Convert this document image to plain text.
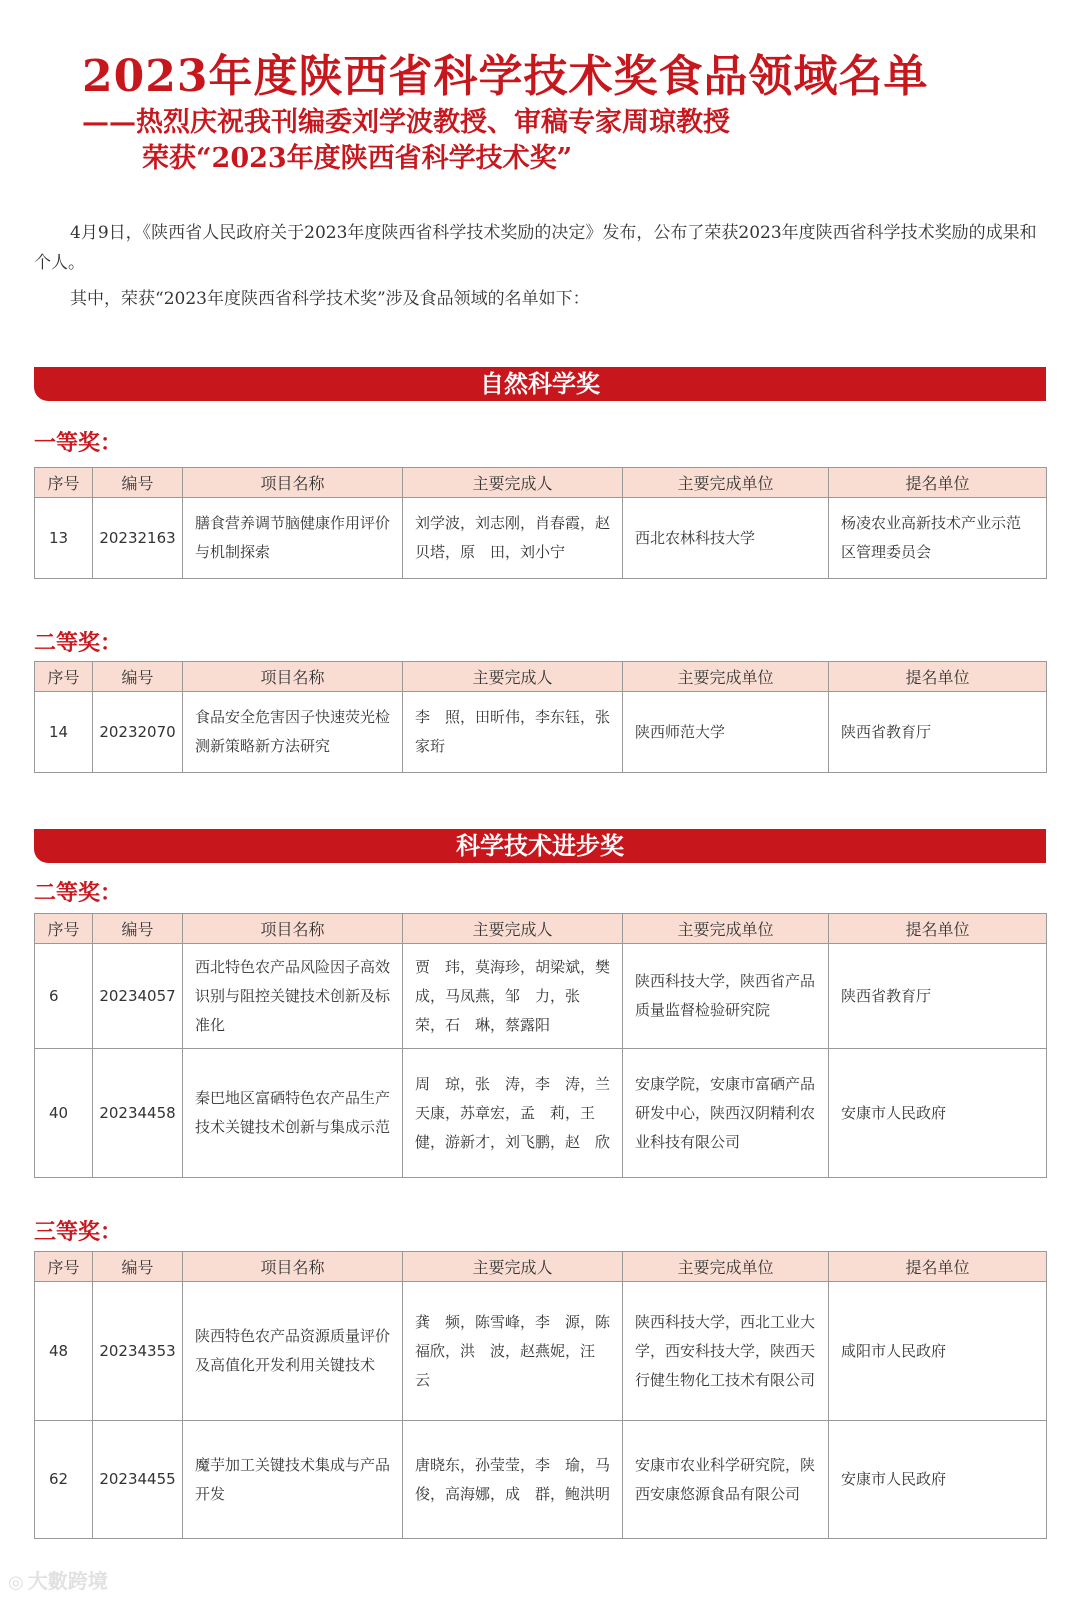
2023年度陕西省科学技术奖食品领域名单
——热烈庆祝我刊编委刘学波教授、审稿专家周琼教授
荣获“2023年度陕西省科学技术奖”

4月9日，《陕西省人民政府关于2023年度陕西省科学技术奖励的决定》发布，公布了荣获2023年度陕西省科学技术奖励的成果和个人。

其中，荣获“2023年度陕西省科学技术奖”涉及食品领域的名单如下：

自然科学奖
一等奖：
序号	编号	项目名称	主要完成人	主要完成单位	提名单位
13	20232163	膳食营养调节脑健康作用评价与机制探索	刘学波，刘志刚，肖春霞，赵贝塔，原　田，刘小宁	西北农林科技大学	杨凌农业高新技术产业示范区管理委员会
二等奖：
序号	编号	项目名称	主要完成人	主要完成单位	提名单位
14	20232070	食品安全危害因子快速荧光检测新策略新方法研究	李　照，田昕伟，李东钰，张家珩	陕西师范大学	陕西省教育厅
科学技术进步奖
二等奖：
序号	编号	项目名称	主要完成人	主要完成单位	提名单位
6	20234057	西北特色农产品风险因子高效识别与阻控关键技术创新及标准化	贾　玮，莫海珍，胡梁斌，樊　成，马凤燕，邹　力，张　荣，石　琳，蔡露阳	陕西科技大学，陕西省产品质量监督检验研究院	陕西省教育厅
40	20234458	秦巴地区富硒特色农产品生产技术关键技术创新与集成示范	周　琼，张　涛，李　涛，兰天康，苏章宏，孟　莉，王　健，游新才，刘飞鹏，赵　欣	安康学院，安康市富硒产品研发中心，陕西汉阴精利农业科技有限公司	安康市人民政府
三等奖：
序号	编号	项目名称	主要完成人	主要完成单位	提名单位
48	20234353	陕西特色农产品资源质量评价及高值化开发利用关键技术	龚　频，陈雪峰，李　源，陈福欣，洪　波，赵燕妮，汪　云	陕西科技大学，西北工业大学，西安科技大学，陕西天行健生物化工技术有限公司	咸阳市人民政府
62	20234455	魔芋加工关键技术集成与产品开发	唐晓东，孙莹莹，李　瑜，马　俊，高海娜，成　群，鲍洪明	安康市农业科学研究院，陕西安康悠源食品有限公司	安康市人民政府
◎ 大數跨境
